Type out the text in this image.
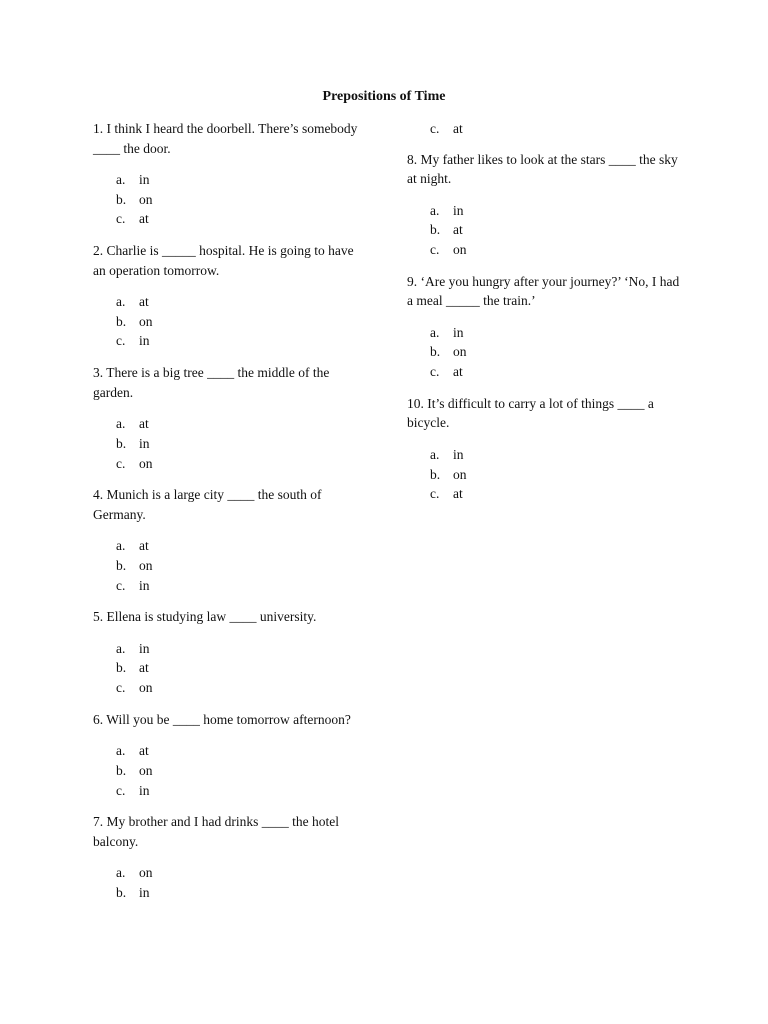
Prepositions of Time
1. I think I heard the doorbell. There’s somebody ____ the door.
a. in
b. on
c. at
2. Charlie is _____ hospital. He is going to have an operation tomorrow.
a. at
b. on
c. in
3. There is a big tree ____ the middle of the garden.
a. at
b. in
c. on
4. Munich is a large city ____ the south of Germany.
a. at
b. on
c. in
5. Ellena is studying law ____ university.
a. in
b. at
c. on
6. Will you be ____ home tomorrow afternoon?
a. at
b. on
c. in
7. My brother and I had drinks ____ the hotel balcony.
a. on
b. in
c. at
8. My father likes to look at the stars ____ the sky at night.
a. in
b. at
c. on
9. ‘Are you hungry after your journey?’ ‘No, I had a meal _____ the train.’
a. in
b. on
c. at
10. It’s difficult to carry a lot of things ____ a bicycle.
a. in
b. on
c. at
